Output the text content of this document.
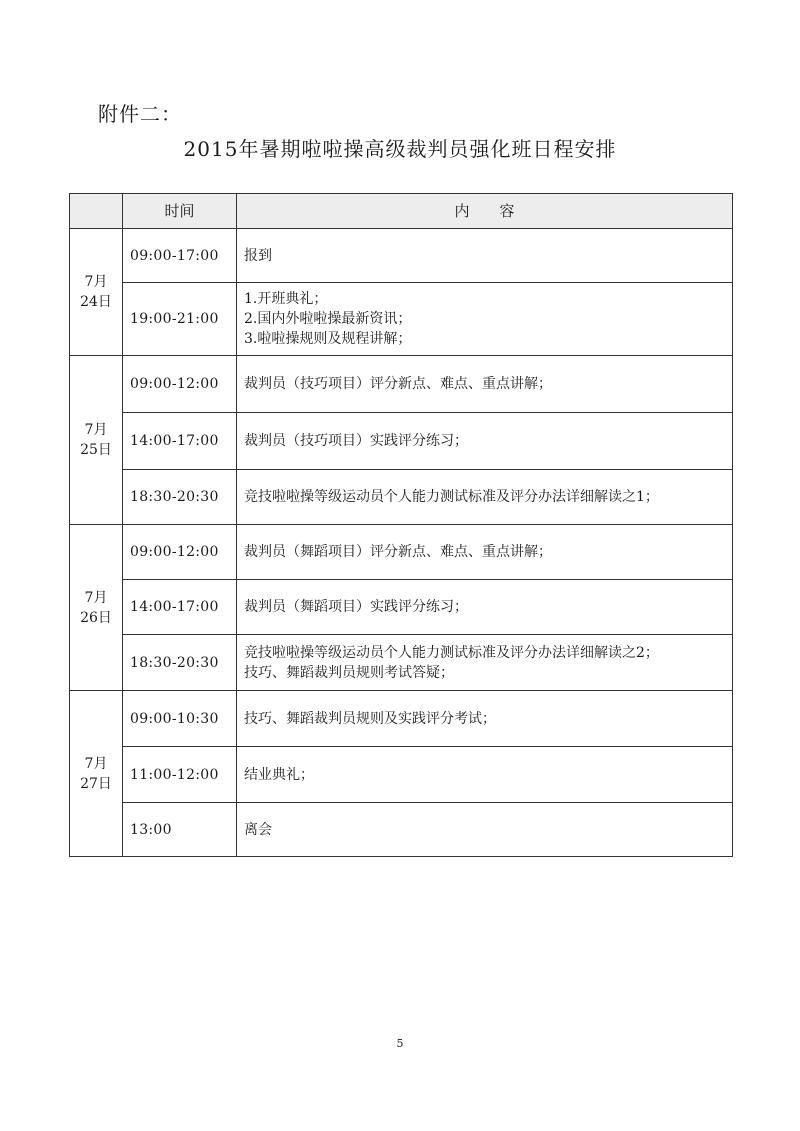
附件二：
2015年暑期啦啦操高级裁判员强化班日程安排
	时间	内　　容

7月
24日	09:00-17:00	报到

	19:00-21:00	1.开班典礼；
2.国内外啦啦操最新资讯；
3.啦啦操规则及规程讲解；

7月
25日	09:00-12:00	裁判员（技巧项目）评分新点、难点、重点讲解；

	14:00-17:00	裁判员（技巧项目）实践评分练习；

	18:30-20:30	竞技啦啦操等级运动员个人能力测试标准及评分办法详细解读之1；

7月
26日	09:00-12:00	裁判员（舞蹈项目）评分新点、难点、重点讲解；

	14:00-17:00	裁判员（舞蹈项目）实践评分练习；

	18:30-20:30	竞技啦啦操等级运动员个人能力测试标准及评分办法详细解读之2；
技巧、舞蹈裁判员规则考试答疑；

7月
27日	09:00-10:30	技巧、舞蹈裁判员规则及实践评分考试；

	11:00-12:00	结业典礼；

	13:00	离会
5
